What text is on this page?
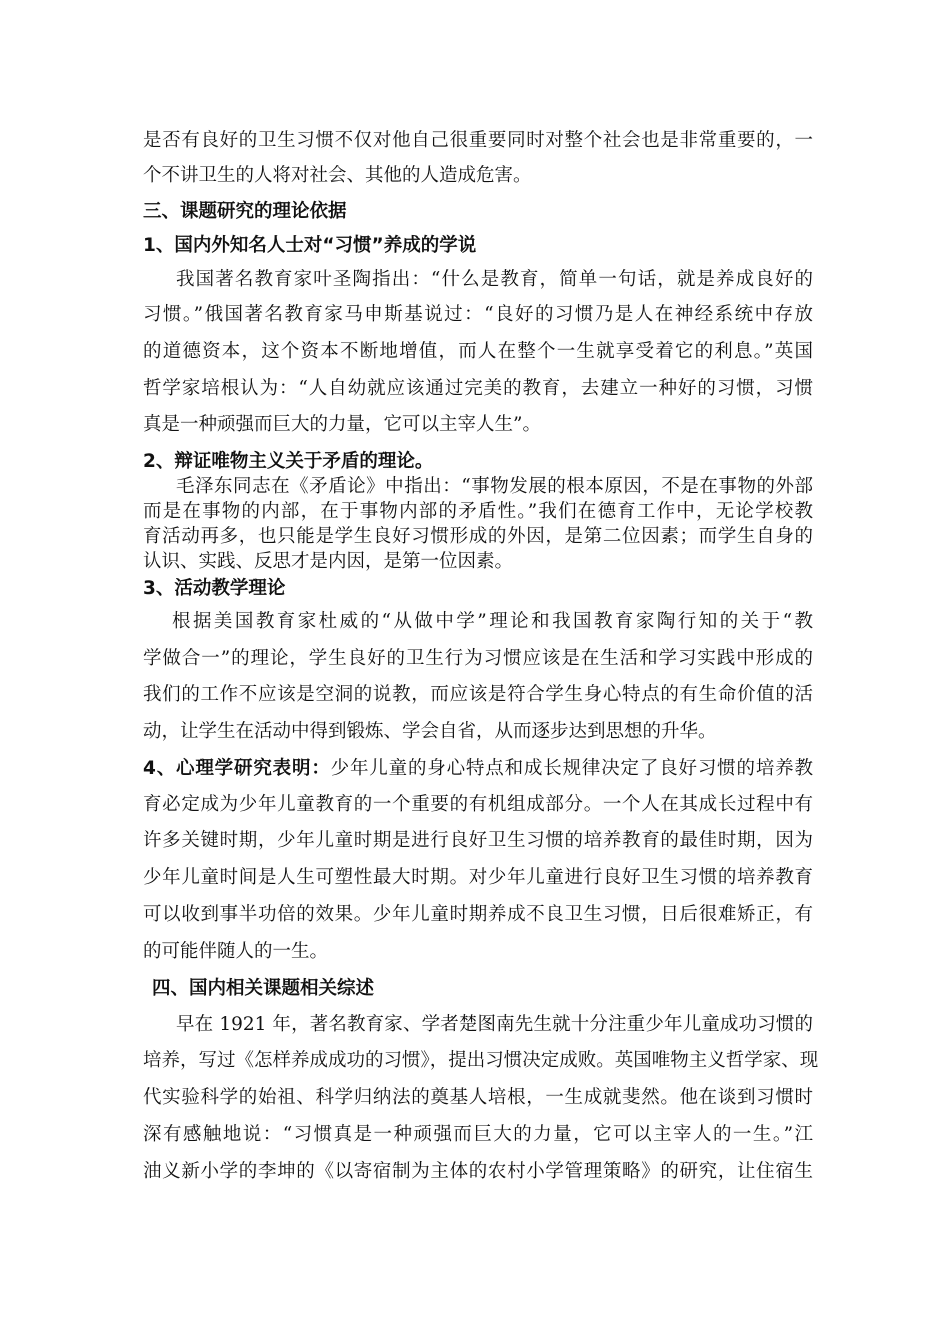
是否有良好的卫生习惯不仅对他自己很重要同时对整个社会也是非常重要的，一
个不讲卫生的人将对社会、其他的人造成危害。
三、课题研究的理论依据
1、国内外知名人士对“习惯”养成的学说
我国著名教育家叶圣陶指出：“什么是教育，简单一句话，就是养成良好的
习惯。”俄国著名教育家马申斯基说过：“良好的习惯乃是人在神经系统中存放
的道德资本，这个资本不断地增值，而人在整个一生就享受着它的利息。”英国
哲学家培根认为：“人自幼就应该通过完美的教育，去建立一种好的习惯，习惯
真是一种顽强而巨大的力量，它可以主宰人生”。
2、辩证唯物主义关于矛盾的理论。
毛泽东同志在《矛盾论》中指出：“事物发展的根本原因，不是在事物的外部
而是在事物的内部，在于事物内部的矛盾性。”我们在德育工作中，无论学校教
育活动再多，也只能是学生良好习惯形成的外因，是第二位因素；而学生自身的
认识、实践、反思才是内因，是第一位因素。
3、活动教学理论
根据美国教育家杜威的“从做中学”理论和我国教育家陶行知的关于“教
学做合一”的理论，学生良好的卫生行为习惯应该是在生活和学习实践中形成的
我们的工作不应该是空洞的说教，而应该是符合学生身心特点的有生命价值的活
动，让学生在活动中得到锻炼、学会自省，从而逐步达到思想的升华。
4、心理学研究表明：少年儿童的身心特点和成长规律决定了良好习惯的培养教
育必定成为少年儿童教育的一个重要的有机组成部分。一个人在其成长过程中有
许多关键时期，少年儿童时期是进行良好卫生习惯的培养教育的最佳时期，因为
少年儿童时间是人生可塑性最大时期。对少年儿童进行良好卫生习惯的培养教育
可以收到事半功倍的效果。少年儿童时期养成不良卫生习惯，日后很难矫正，有
的可能伴随人的一生。
四、国内相关课题相关综述
早在 1921 年，著名教育家、学者楚图南先生就十分注重少年儿童成功习惯的
培养，写过《怎样养成成功的习惯》，提出习惯决定成败。英国唯物主义哲学家、现
代实验科学的始祖、科学归纳法的奠基人培根，一生成就斐然。他在谈到习惯时
深有感触地说：“习惯真是一种顽强而巨大的力量，它可以主宰人的一生。”江
油义新小学的李坤的《以寄宿制为主体的农村小学管理策略》的研究，让住宿生
